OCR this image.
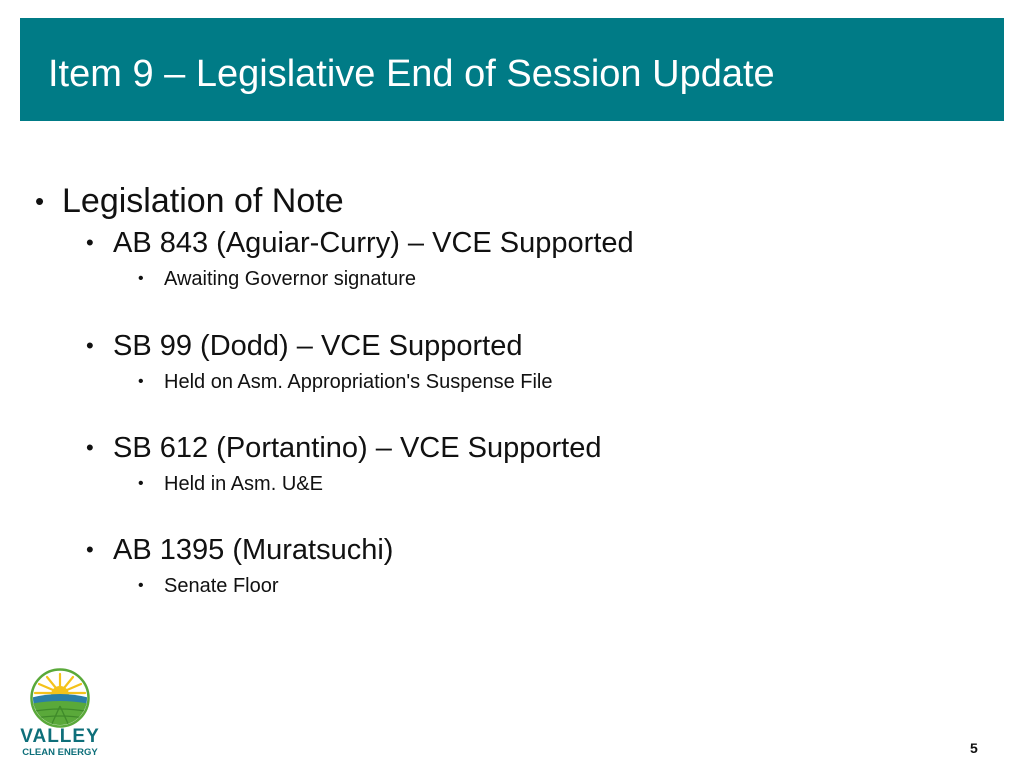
Item 9 – Legislative End of Session Update
• Legislation of Note
• AB 843 (Aguiar-Curry) – VCE Supported
• Awaiting Governor signature
• SB 99 (Dodd) – VCE Supported
• Held on Asm. Appropriation's Suspense File
• SB 612 (Portantino) – VCE Supported
• Held in Asm. U&E
• AB 1395 (Muratsuchi)
• Senate Floor
VALLEY
CLEAN ENERGY	5
